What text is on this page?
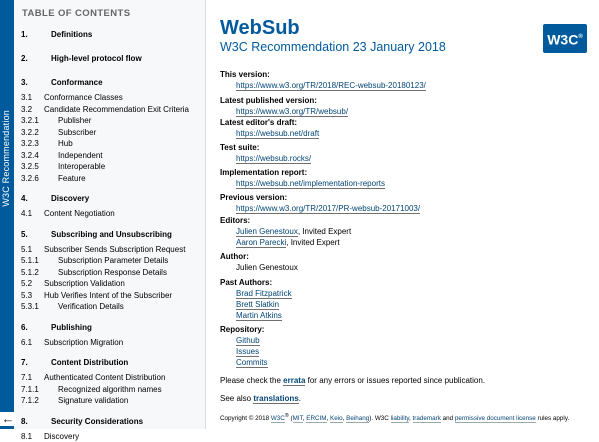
W3C Recommendation
TABLE OF CONTENTS
1.	Definitions
2.	High-level protocol flow
3.	Conformance
3.1 Conformance Classes
3.2 Candidate Recommendation Exit Criteria
3.2.1 Publisher
3.2.2 Subscriber
3.2.3 Hub
3.2.4 Independent
3.2.5 Interoperable
3.2.6 Feature
4.	Discovery
4.1 Content Negotiation
5.	Subscribing and Unsubscribing
5.1 Subscriber Sends Subscription Request
5.1.1 Subscription Parameter Details
5.1.2 Subscription Response Details
5.2 Subscription Validation
5.3 Hub Verifies Intent of the Subscriber
5.3.1 Verification Details
6.	Publishing
6.1 Subscription Migration
7.	Content Distribution
7.1 Authenticated Content Distribution
7.1.1 Recognized algorithm names
7.1.2 Signature validation
8.	Security Considerations
8.1 Discovery
←
WebSub
W3C Recommendation 23 January 2018	W3C®
This version:
https://www.w3.org/TR/2018/REC-websub-20180123/
Latest published version:
https://www.w3.org/TR/websub/
Latest editor's draft:
https://websub.net/draft
Test suite:
https://websub.rocks/
Implementation report:
https://websub.net/implementation-reports
Previous version:
https://www.w3.org/TR/2017/PR-websub-20171003/
Editors:
Julien Genestoux, Invited Expert
Aaron Parecki, Invited Expert
Author:
Julien Genestoux
Past Authors:
Brad Fitzpatrick
Brett Slatkin
Martin Atkins
Repository:
Github
Issues
Commits
Please check the errata for any errors or issues reported since publication.
See also translations.
Copyright © 2018 W3C® (MIT, ERCIM, Keio, Beihang). W3C liability, trademark and permissive document license rules apply.
